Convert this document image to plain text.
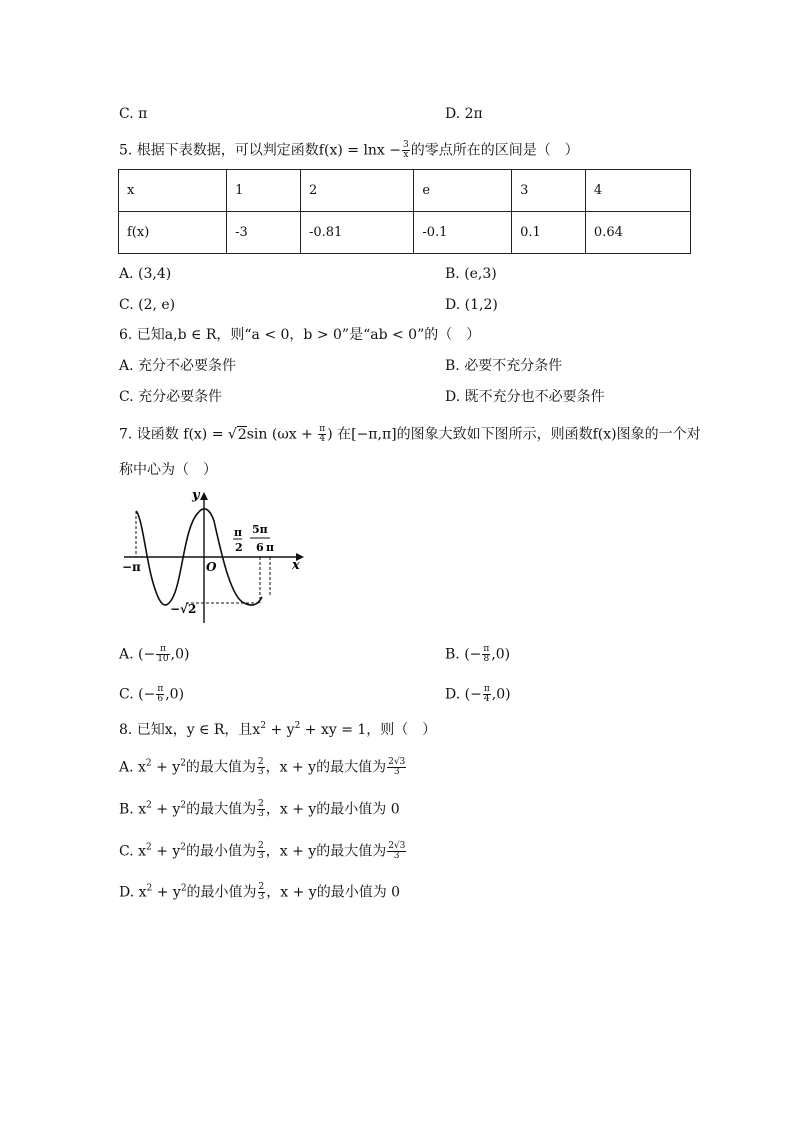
C. π	D. 2π
5. 根据下表数据，可以判定函数$f(x) = \ln x - \frac{3}{x}$ 的零点所在的区间是（　）
x	1	2	e	3	4
f(x)	-3	-0.81	-0.1	0.1	0.64
A. (3,4)	B. (e,3)
C. (2, e)	D. (1,2)
6. 已知a,b ∈ R，则“a < 0，b > 0”是“ab < 0”的（　）
A. 充分不必要条件	B. 必要不充分条件
C. 充分必要条件	D. 既不充分也不必要条件
7. 设函数 f(x) = √2sin ($\omega x + \frac{\pi}{4}$ ) 在[−π,π]的图象大致如下图所示，则函数f(x)图象的一个对
称中心为（　）
y
x
O
−π
π
2
5π
6 π
−√2
A. (− $\frac{\pi}{10} ,0$)	B. (− $\frac{\pi}{8} ,0$)
C. (− $\frac{\pi}{6} ,0$)	D. (− $\frac{\pi}{4} ,0$)
8. 已知x，y ∈ R，且$x^2 + y^2$ + xy = 1，则（　）
A. $x^2 + y^2$的最大值为 $\frac{2}{3}$ ，x + y的最大值为 $\frac{2√3}{3}$
B. $x^2 + y^2$的最大值为 $\frac{2}{3}$ ，x + y的最小值为 0
C. $x^2 + y^2$的最小值为 $\frac{2}{3}$ ，x + y的最大值为 $\frac{2√3}{3}$
D. $x^2 + y^2$的最小值为 $\frac{2}{3}$ ，x + y的最小值为 0
